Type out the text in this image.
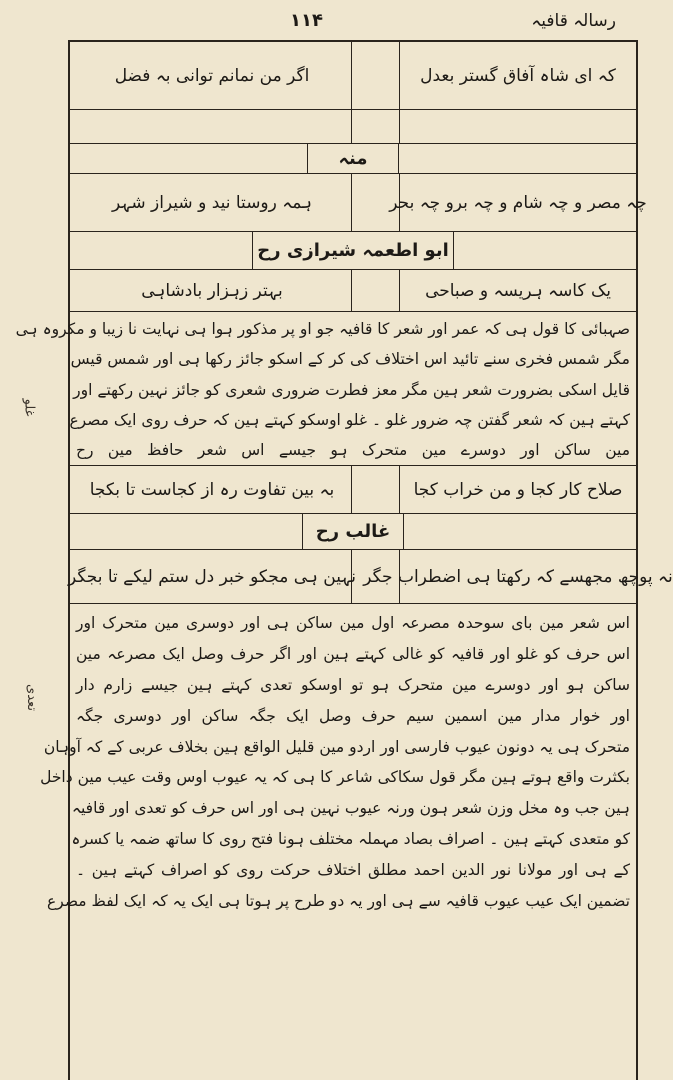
رسالہ قافیہ
۱۱۴
کہ ای شاہ آفاق گستر بعدل
اگر من نمانم توانی بہ فضل
منہ
چہ مصر و چہ شام و چہ برو چہ بحر
ہمہ روستا نید و شیراز شہر
ابو اطعمہ شیرازی رح
یک کاسہ ہریسہ و صباحی
بہتر زہزار بادشاہی
صہبائی کا قول ہی کہ عمر اور شعر کا قافیہ جو او پر مذکور ہوا ہی نہایت نا زیبا و مکروہ ہی
مگر شمس فخری سنے تائید اس اختلاف کی کر کے اسکو جائز رکھا ہی اور شمس قیس
قایل اسکی بضرورت شعر ہین مگر معز فطرت ضروری شعری کو جائز نہین رکھتے اور
کہتے ہین کہ شعر گفتن چہ ضرور غلو ۔ غلو اوسکو کہتے ہین کہ حرف روی ایک مصرع
مین ساکن اور دوسرے مین متحرک ہو جیسے اس شعر حافظ مین رح
صلاح کار کجا و من خراب کجا
بہ بین تفاوت رہ از کجاست تا بکجا
غالب رح
نہ پوچھ مجھسے کہ رکھتا ہی اضطراب جگر
نہین ہی مجکو خبر دل ستم لیکے تا بجگر
اس شعر مین بای سوحدہ مصرعہ اول مین ساکن ہی اور دوسری مین متحرک اور
اس حرف کو غلو اور قافیہ کو غالی کہتے ہین اور اگر حرف وصل ایک مصرعہ مین
ساکن ہو اور دوسرے مین متحرک ہو تو اوسکو تعدی کہتے ہین جیسے زارم دار
اور خوار مدار مین اسمین سیم حرف وصل ایک جگہ ساکن اور دوسری جگہ
متحرک ہی یہ دونون عیوب فارسی اور اردو مین قلیل الواقع ہین بخلاف عربی کے کہ آوہان
بکثرت واقع ہوتے ہین مگر قول سکاکی شاعر کا ہی کہ یہ عیوب اوس وقت عیب مین داخل
ہین جب وہ مخل وزن شعر ہون ورنہ عیوب نہین ہی اور اس حرف کو تعدی اور قافیہ
کو متعدی کہتے ہین ۔ اصراف بصاد مہملہ مختلف ہونا فتح روی کا ساتھ ضمہ یا کسرہ
کے ہی اور مولانا نور الدین احمد مطلق اختلاف حرکت روی کو اصراف کہتے ہین ۔
تضمین ایک عیب عیوب قافیہ سے ہی اور یہ دو طرح پر ہوتا ہی ایک یہ کہ ایک لفظ مصرع
غلو
تعدی
